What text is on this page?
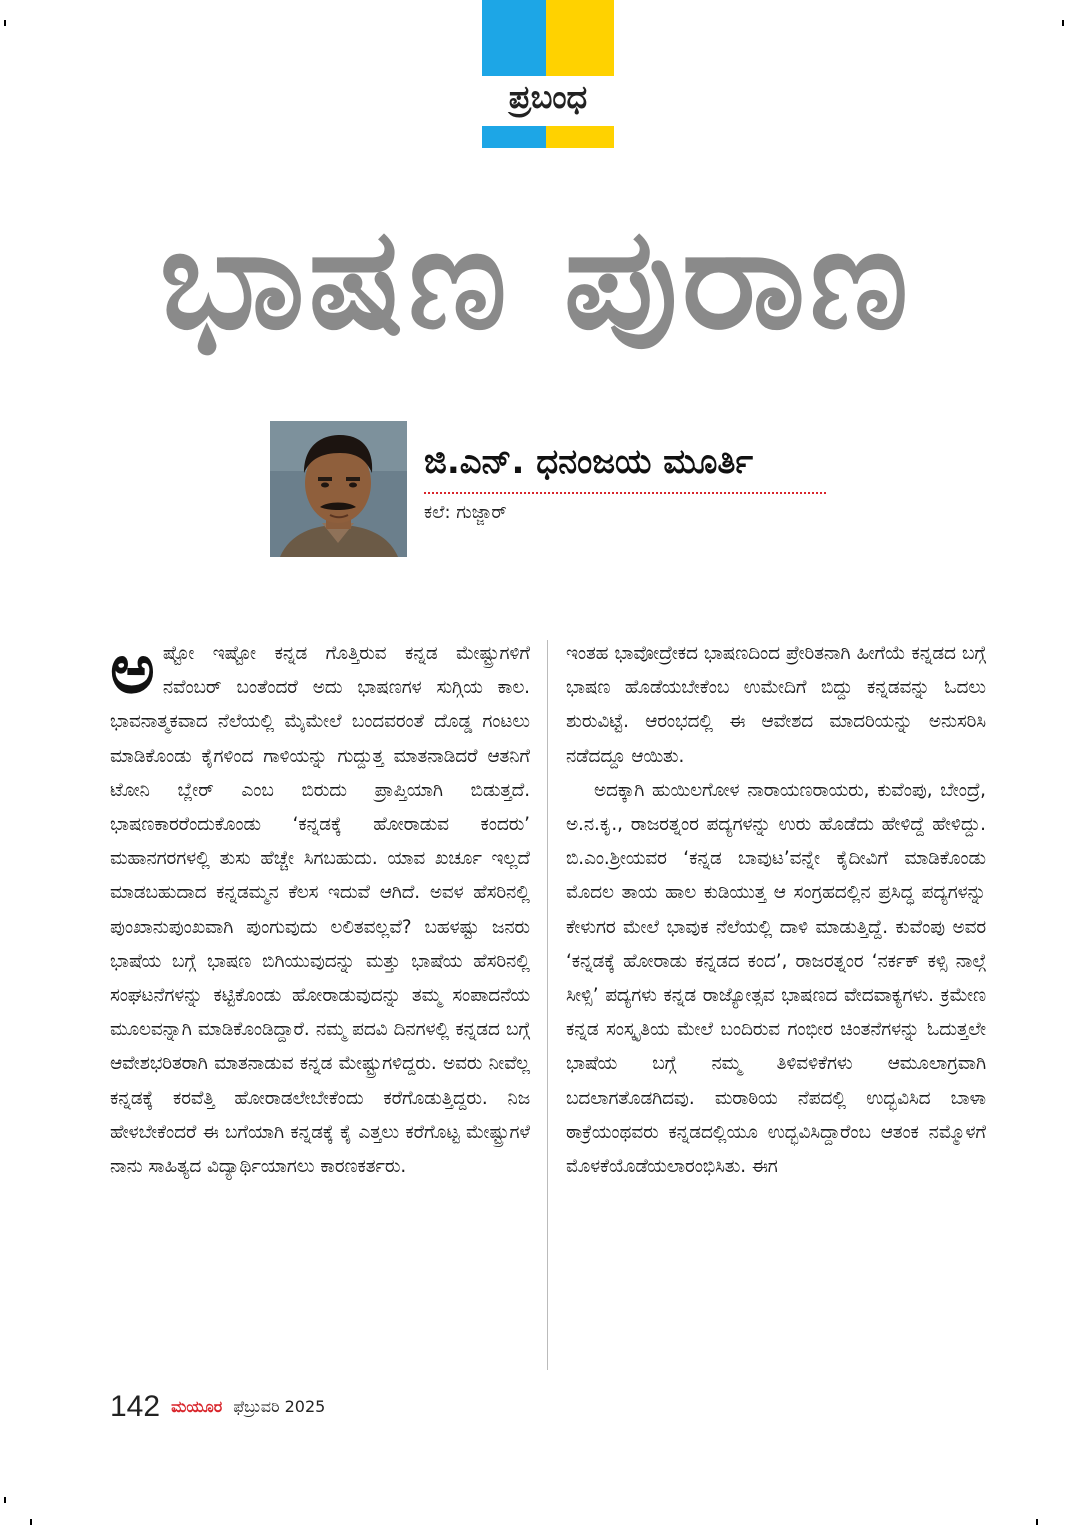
ಪ್ರಬಂಧ
ಭಾಷಣ ಪುರಾಣ
ಜಿ.ಎನ್. ಧನಂಜಯ ಮೂರ್ತಿ
ಕಲೆ: ಗುಜ್ಜಾರ್

ಅಷ್ಟೋ ಇಷ್ಟೋ ಕನ್ನಡ ಗೊತ್ತಿರುವ ಕನ್ನಡ ಮೇಷ್ಟ್ರುಗಳಿಗೆ ನವೆಂಬರ್ ಬಂತೆಂದರೆ ಅದು ಭಾಷಣಗಳ ಸುಗ್ಗಿಯ ಕಾಲ. ಭಾವನಾತ್ಮಕವಾದ ನೆಲೆಯಲ್ಲಿ ಮೈಮೇಲೆ ಬಂದವರಂತೆ ದೊಡ್ಡ ಗಂಟಲು ಮಾಡಿಕೊಂಡು ಕೈಗಳಿಂದ ಗಾಳಿಯನ್ನು ಗುದ್ದುತ್ತ ಮಾತನಾಡಿದರೆ ಆತನಿಗೆ ಟೋನಿ ಬ್ಲೇರ್ ಎಂಬ ಬಿರುದು ಪ್ರಾಪ್ತಿಯಾಗಿ ಬಿಡುತ್ತದೆ. ಭಾಷಣಕಾರರೆಂದುಕೊಂಡು ‘ಕನ್ನಡಕ್ಕೆ ಹೋರಾಡುವ ಕಂದರು’ ಮಹಾನಗರಗಳಲ್ಲಿ ತುಸು ಹೆಚ್ಚೇ ಸಿಗಬಹುದು. ಯಾವ ಖರ್ಚೂ ಇಲ್ಲದೆ ಮಾಡಬಹುದಾದ ಕನ್ನಡಮ್ಮನ ಕೆಲಸ ಇದುವೆ ಆಗಿದೆ. ಅವಳ ಹೆಸರಿನಲ್ಲಿ ಪುಂಖಾನುಪುಂಖವಾಗಿ ಪುಂಗುವುದು ಲಲಿತವಲ್ಲವೆ? ಬಹಳಷ್ಟು ಜನರು ಭಾಷೆಯ ಬಗ್ಗೆ ಭಾಷಣ ಬಿಗಿಯುವುದನ್ನು ಮತ್ತು ಭಾಷೆಯ ಹೆಸರಿನಲ್ಲಿ ಸಂಘಟನೆಗಳನ್ನು ಕಟ್ಟಿಕೊಂಡು ಹೋರಾಡುವುದನ್ನು ತಮ್ಮ ಸಂಪಾದನೆಯ ಮೂಲವನ್ನಾಗಿ ಮಾಡಿಕೊಂಡಿದ್ದಾರೆ. ನಮ್ಮ ಪದವಿ ದಿನಗಳಲ್ಲಿ ಕನ್ನಡದ ಬಗ್ಗೆ ಆವೇಶಭರಿತರಾಗಿ ಮಾತನಾಡುವ ಕನ್ನಡ ಮೇಷ್ಟ್ರುಗಳಿದ್ದರು. ಅವರು ನೀವೆಲ್ಲ ಕನ್ನಡಕ್ಕೆ ಕರವೆತ್ತಿ ಹೋರಾಡಲೇಬೇಕೆಂದು ಕರೆಗೊಡುತ್ತಿದ್ದರು. ನಿಜ ಹೇಳಬೇಕೆಂದರೆ ಈ ಬಗೆಯಾಗಿ ಕನ್ನಡಕ್ಕೆ ಕೈ ಎತ್ತಲು ಕರೆಗೊಟ್ಟ ಮೇಷ್ಟ್ರುಗಳೆ ನಾನು ಸಾಹಿತ್ಯದ ವಿದ್ಯಾರ್ಥಿಯಾಗಲು ಕಾರಣಕರ್ತರು.

ಇಂತಹ ಭಾವೋದ್ರೇಕದ ಭಾಷಣದಿಂದ ಪ್ರೇರಿತನಾಗಿ ಹೀಗೆಯೆ ಕನ್ನಡದ ಬಗ್ಗೆ ಭಾಷಣ ಹೊಡೆಯಬೇಕೆಂಬ ಉಮೇದಿಗೆ ಬಿದ್ದು ಕನ್ನಡವನ್ನು ಓದಲು ಶುರುವಿಟ್ಟೆ. ಆರಂಭದಲ್ಲಿ ಈ ಆವೇಶದ ಮಾದರಿಯನ್ನು ಅನುಸರಿಸಿ ನಡೆದದ್ದೂ ಆಯಿತು.

ಅದಕ್ಕಾಗಿ ಹುಯಿಲಗೋಳ ನಾರಾಯಣರಾಯರು, ಕುವೆಂಪು, ಬೇಂದ್ರೆ, ಅ.ನ.ಕೃ., ರಾಜರತ್ನಂರ ಪದ್ಯಗಳನ್ನು ಉರು ಹೊಡೆದು ಹೇಳಿದ್ದೆ ಹೇಳಿದ್ದು. ಬಿ.ಎಂ.ಶ್ರೀಯವರ ‘ಕನ್ನಡ ಬಾವುಟ’ವನ್ನೇ ಕೈದೀವಿಗೆ ಮಾಡಿಕೊಂಡು ಮೊದಲ ತಾಯ ಹಾಲ ಕುಡಿಯುತ್ತ ಆ ಸಂಗ್ರಹದಲ್ಲಿನ ಪ್ರಸಿದ್ಧ ಪದ್ಯಗಳನ್ನು ಕೇಳುಗರ ಮೇಲೆ ಭಾವುಕ ನೆಲೆಯಲ್ಲಿ ದಾಳಿ ಮಾಡುತ್ತಿದ್ದೆ. ಕುವೆಂಪು ಅವರ ‘ಕನ್ನಡಕ್ಕೆ ಹೋರಾಡು ಕನ್ನಡದ ಕಂದ’, ರಾಜರತ್ನಂರ ‘ನರ್ಕಕ್ ಕಳ್ಸಿ ನಾಲ್ಗೆ ಸೀಳ್ಸಿ’ ಪದ್ಯಗಳು ಕನ್ನಡ ರಾಜ್ಯೋತ್ಸವ ಭಾಷಣದ ವೇದವಾಕ್ಯಗಳು. ಕ್ರಮೇಣ ಕನ್ನಡ ಸಂಸ್ಕೃತಿಯ ಮೇಲೆ ಬಂದಿರುವ ಗಂಭೀರ ಚಿಂತನೆಗಳನ್ನು ಓದುತ್ತಲೇ ಭಾಷೆಯ ಬಗ್ಗೆ ನಮ್ಮ ತಿಳಿವಳಿಕೆಗಳು ಆಮೂಲಾಗ್ರವಾಗಿ ಬದಲಾಗತೊಡಗಿದವು. ಮರಾಠಿಯ ನೆಪದಲ್ಲಿ ಉದ್ಭವಿಸಿದ ಬಾಳಾ ಠಾಕ್ರೆಯಂಥವರು ಕನ್ನಡದಲ್ಲಿಯೂ ಉದ್ಭವಿಸಿದ್ದಾರೆಂಬ ಆತಂಕ ನಮ್ಮೊಳಗೆ ಮೊಳಕೆಯೊಡೆಯಲಾರಂಭಿಸಿತು. ಈಗ

142 ಮಯೂರ ಫೆಬ್ರುವರಿ 2025
